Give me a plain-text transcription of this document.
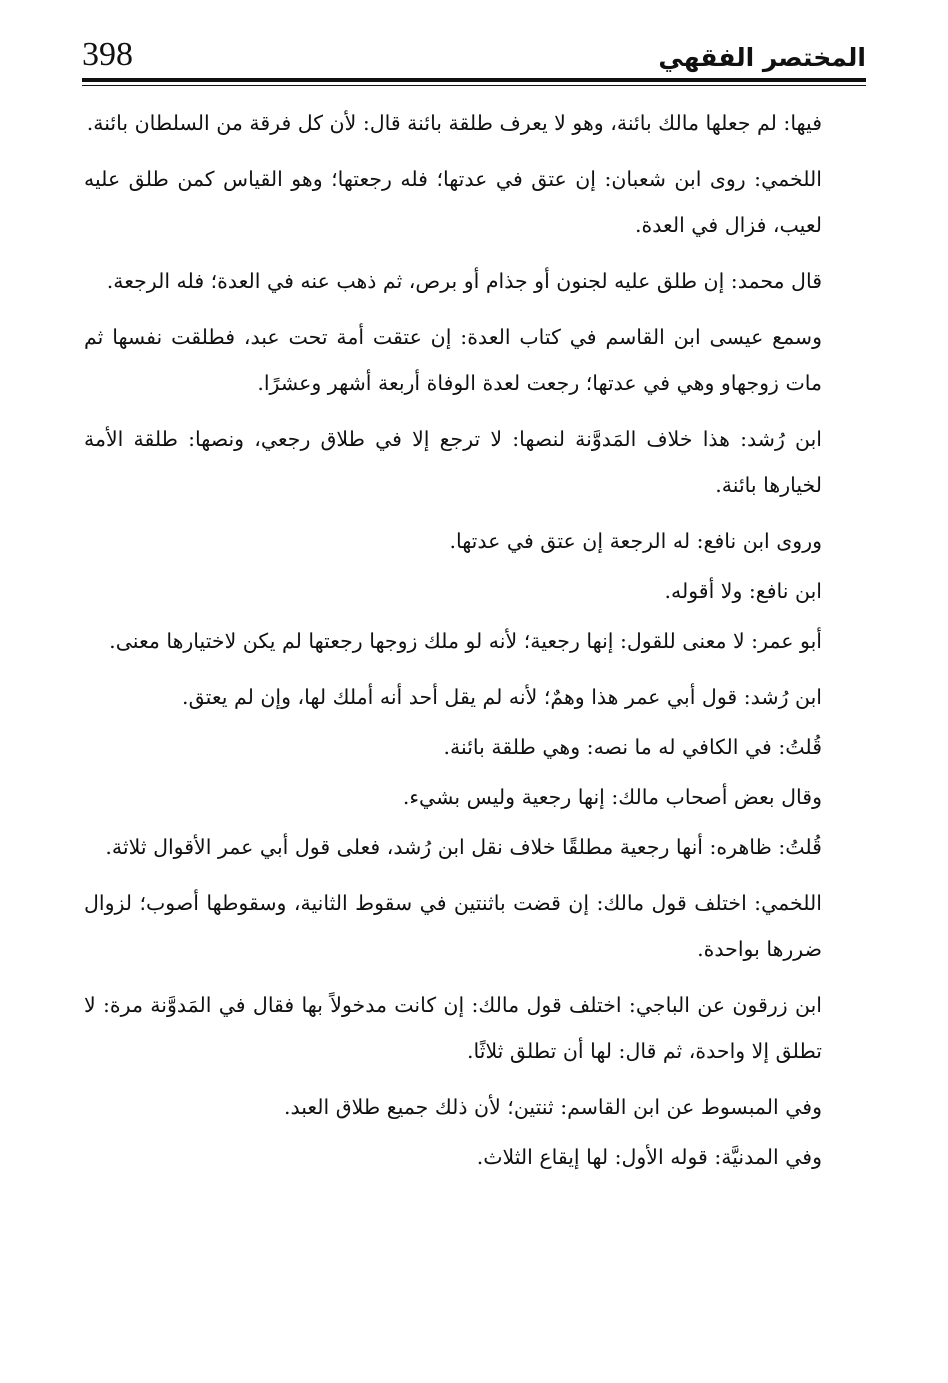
398	المختصر الفقهي

فيها: لم جعلها مالك بائنة، وهو لا يعرف طلقة بائنة قال: لأن كل فرقة من السلطان بائنة.

اللخمي: روى ابن شعبان: إن عتق في عدتها؛ فله رجعتها؛ وهو القياس كمن طلق عليه لعيب، فزال في العدة.

قال محمد: إن طلق عليه لجنون أو جذام أو برص، ثم ذهب عنه في العدة؛ فله الرجعة.

وسمع عيسى ابن القاسم في كتاب العدة: إن عتقت أمة تحت عبد، فطلقت نفسها ثم مات زوجهاو وهي في عدتها؛ رجعت لعدة الوفاة أربعة أشهر وعشرًا.

ابن رُشد: هذا خلاف المَدوَّنة لنصها: لا ترجع إلا في طلاق رجعي، ونصها: طلقة الأمة لخيارها بائنة.

وروى ابن نافع: له الرجعة إن عتق في عدتها.

ابن نافع: ولا أقوله.

أبو عمر: لا معنى للقول: إنها رجعية؛ لأنه لو ملك زوجها رجعتها لم يكن لاختيارها معنى.

ابن رُشد: قول أبي عمر هذا وهمٌ؛ لأنه لم يقل أحد أنه أملك لها، وإن لم يعتق.

قُلتُ: في الكافي له ما نصه: وهي طلقة بائنة.

وقال بعض أصحاب مالك: إنها رجعية وليس بشيء.

قُلتُ: ظاهره: أنها رجعية مطلقًا خلاف نقل ابن رُشد، فعلى قول أبي عمر الأقوال ثلاثة.

اللخمي: اختلف قول مالك: إن قضت باثنتين في سقوط الثانية، وسقوطها أصوب؛ لزوال ضررها بواحدة.

ابن زرقون عن الباجي: اختلف قول مالك: إن كانت مدخولاً بها فقال في المَدوَّنة مرة: لا تطلق إلا واحدة، ثم قال: لها أن تطلق ثلاثًا.

وفي المبسوط عن ابن القاسم: ثنتين؛ لأن ذلك جميع طلاق العبد.

وفي المدنيَّة: قوله الأول: لها إيقاع الثلاث.
